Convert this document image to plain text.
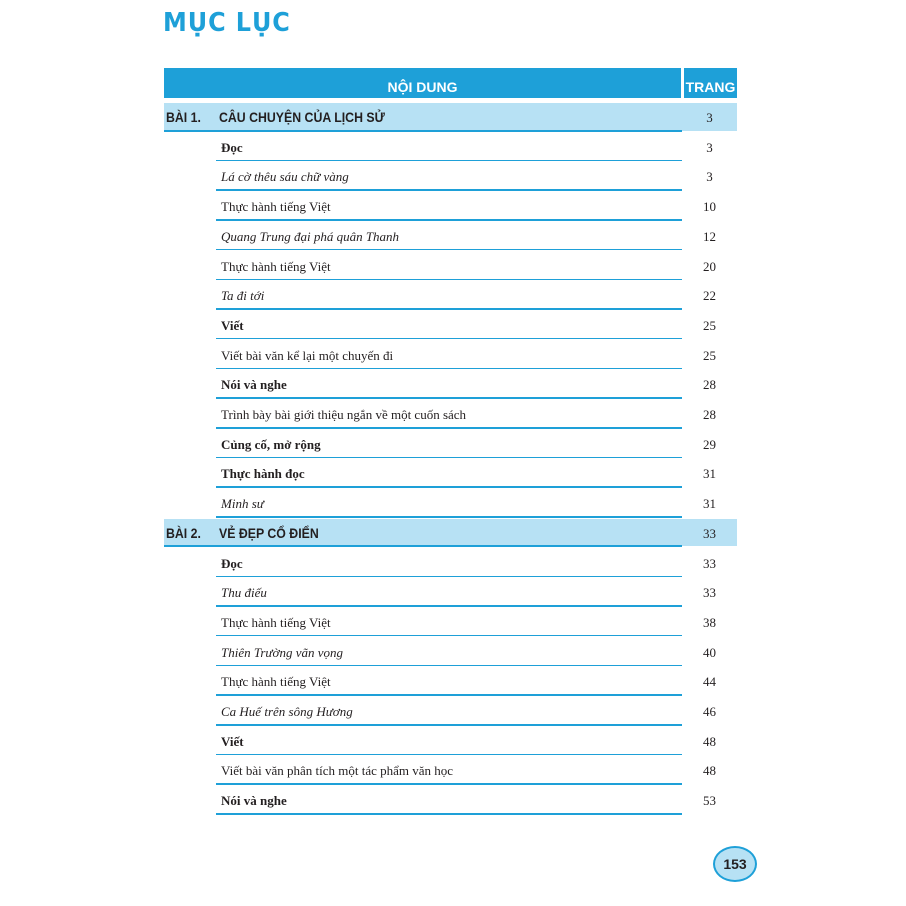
MỤC LỤC
NỘI DUNG	TRANG
BÀI 1. CÂU CHUYỆN CỦA LỊCH SỬ	3
Đọc	3
Lá cờ thêu sáu chữ vàng	3
Thực hành tiếng Việt	10
Quang Trung đại phá quân Thanh	12
Thực hành tiếng Việt	20
Ta đi tới	22
Viết	25
Viết bài văn kể lại một chuyến đi	25
Nói và nghe	28
Trình bày bài giới thiệu ngắn về một cuốn sách	28
Củng cố, mở rộng	29
Thực hành đọc	31
Minh sư	31
BÀI 2. VẺ ĐẸP CỔ ĐIỂN	33
Đọc	33
Thu điếu	33
Thực hành tiếng Việt	38
Thiên Trường vãn vọng	40
Thực hành tiếng Việt	44
Ca Huế trên sông Hương	46
Viết	48
Viết bài văn phân tích một tác phẩm văn học	48
Nói và nghe	53
153
